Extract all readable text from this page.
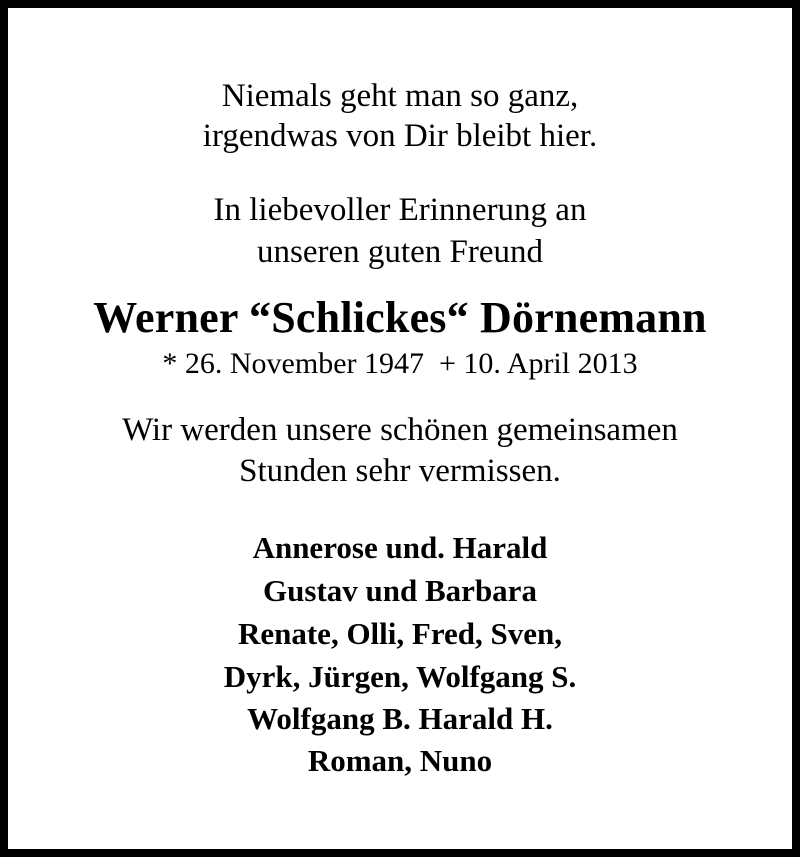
Niemals geht man so ganz,
irgendwas von Dir bleibt hier.
In liebevoller Erinnerung an
unseren guten Freund
Werner “Schlickes“ Dörnemann
* 26. November 1947  + 10. April 2013
Wir werden unsere schönen gemeinsamen
Stunden sehr vermissen.
Annerose und. Harald
Gustav und Barbara
Renate, Olli, Fred, Sven,
Dyrk, Jürgen, Wolfgang S.
Wolfgang B. Harald H.
Roman, Nuno
